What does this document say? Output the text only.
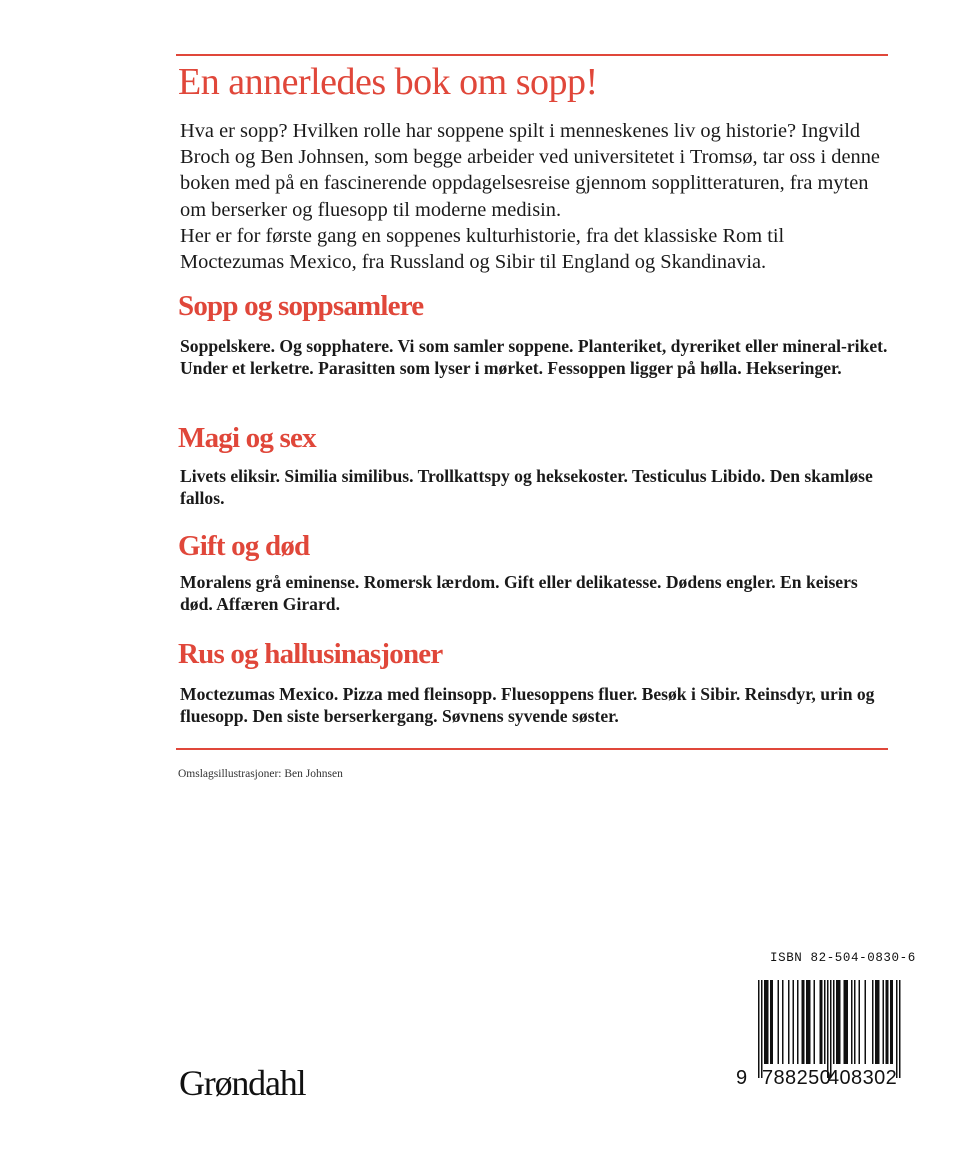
En annerledes bok om sopp!

Hva er sopp? Hvilken rolle har soppene spilt i menneskenes liv og historie? Ingvild Broch og Ben Johnsen, som begge arbeider ved universitetet i Tromsø, tar oss i denne boken med på en fascinerende oppdagelsesreise gjennom sopplitteraturen, fra myten om berserker og fluesopp til moderne medisin.

Her er for første gang en soppenes kulturhistorie, fra det klassiske Rom til Moctezumas Mexico, fra Russland og Sibir til England og Skandinavia.

Sopp og soppsamlere
Soppelskere. Og sopphatere. Vi som samler soppene. Planteriket, dyreriket eller mineral-riket. Under et lerketre. Parasitten som lyser i mørket. Fessoppen ligger på hølla. Hekseringer.
Magi og sex
Livets eliksir. Similia similibus. Trollkattspy og heksekoster. Testiculus Libido. Den skamløse fallos.
Gift og død
Moralens grå eminense. Romersk lærdom. Gift eller delikatesse. Dødens engler. En keisers død. Affæren Girard.
Rus og hallusinasjoner
Moctezumas Mexico. Pizza med fleinsopp. Fluesoppens fluer. Besøk i Sibir. Reinsdyr, urin og fluesopp. Den siste berserkergang. Søvnens syvende søster.
Omslagsillustrasjoner: Ben Johnsen
ISBN 82-504-0830-6
9 788250
408302
Grøndahl
